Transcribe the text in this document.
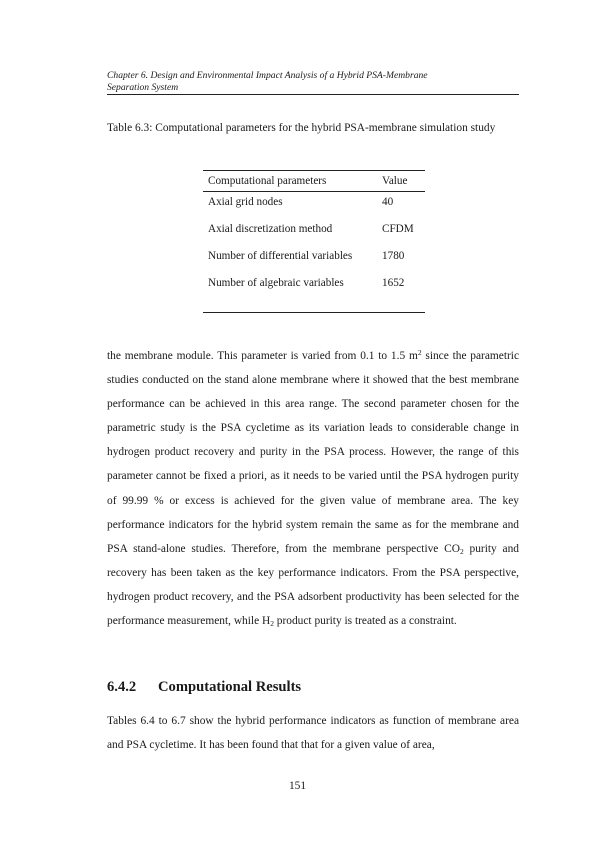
Chapter 6. Design and Environmental Impact Analysis of a Hybrid PSA-Membrane
Separation System
Table 6.3: Computational parameters for the hybrid PSA-membrane simulation study
Computational parameters	Value
Axial grid nodes	40
Axial discretization method	CFDM
Number of differential variables	1780
Number of algebraic variables	1652

the membrane module. This parameter is varied from 0.1 to 1.5 $m^2$ since the parametric studies conducted on the stand alone membrane where it showed that the best membrane performance can be achieved in this area range. The second parameter chosen for the parametric study is the PSA cycletime as its variation leads to considerable change in hydrogen product recovery and purity in the PSA process. However, the range of this parameter cannot be fixed a priori, as it needs to be varied until the PSA hydrogen purity of 99.99 % or excess is achieved for the given value of membrane area. The key performance indicators for the hybrid system remain the same as for the membrane and PSA stand-alone studies. Therefore, from the membrane perspective $CO_2$ purity and recovery has been taken as the key performance indicators. From the PSA perspective, hydrogen product recovery, and the PSA adsorbent productivity has been selected for the performance measurement, while $H_2$ product purity is treated as a constraint.

6.4.2 Computational Results

Tables 6.4 to 6.7 show the hybrid performance indicators as function of membrane area and PSA cycletime. It has been found that that for a given value of area,

151
